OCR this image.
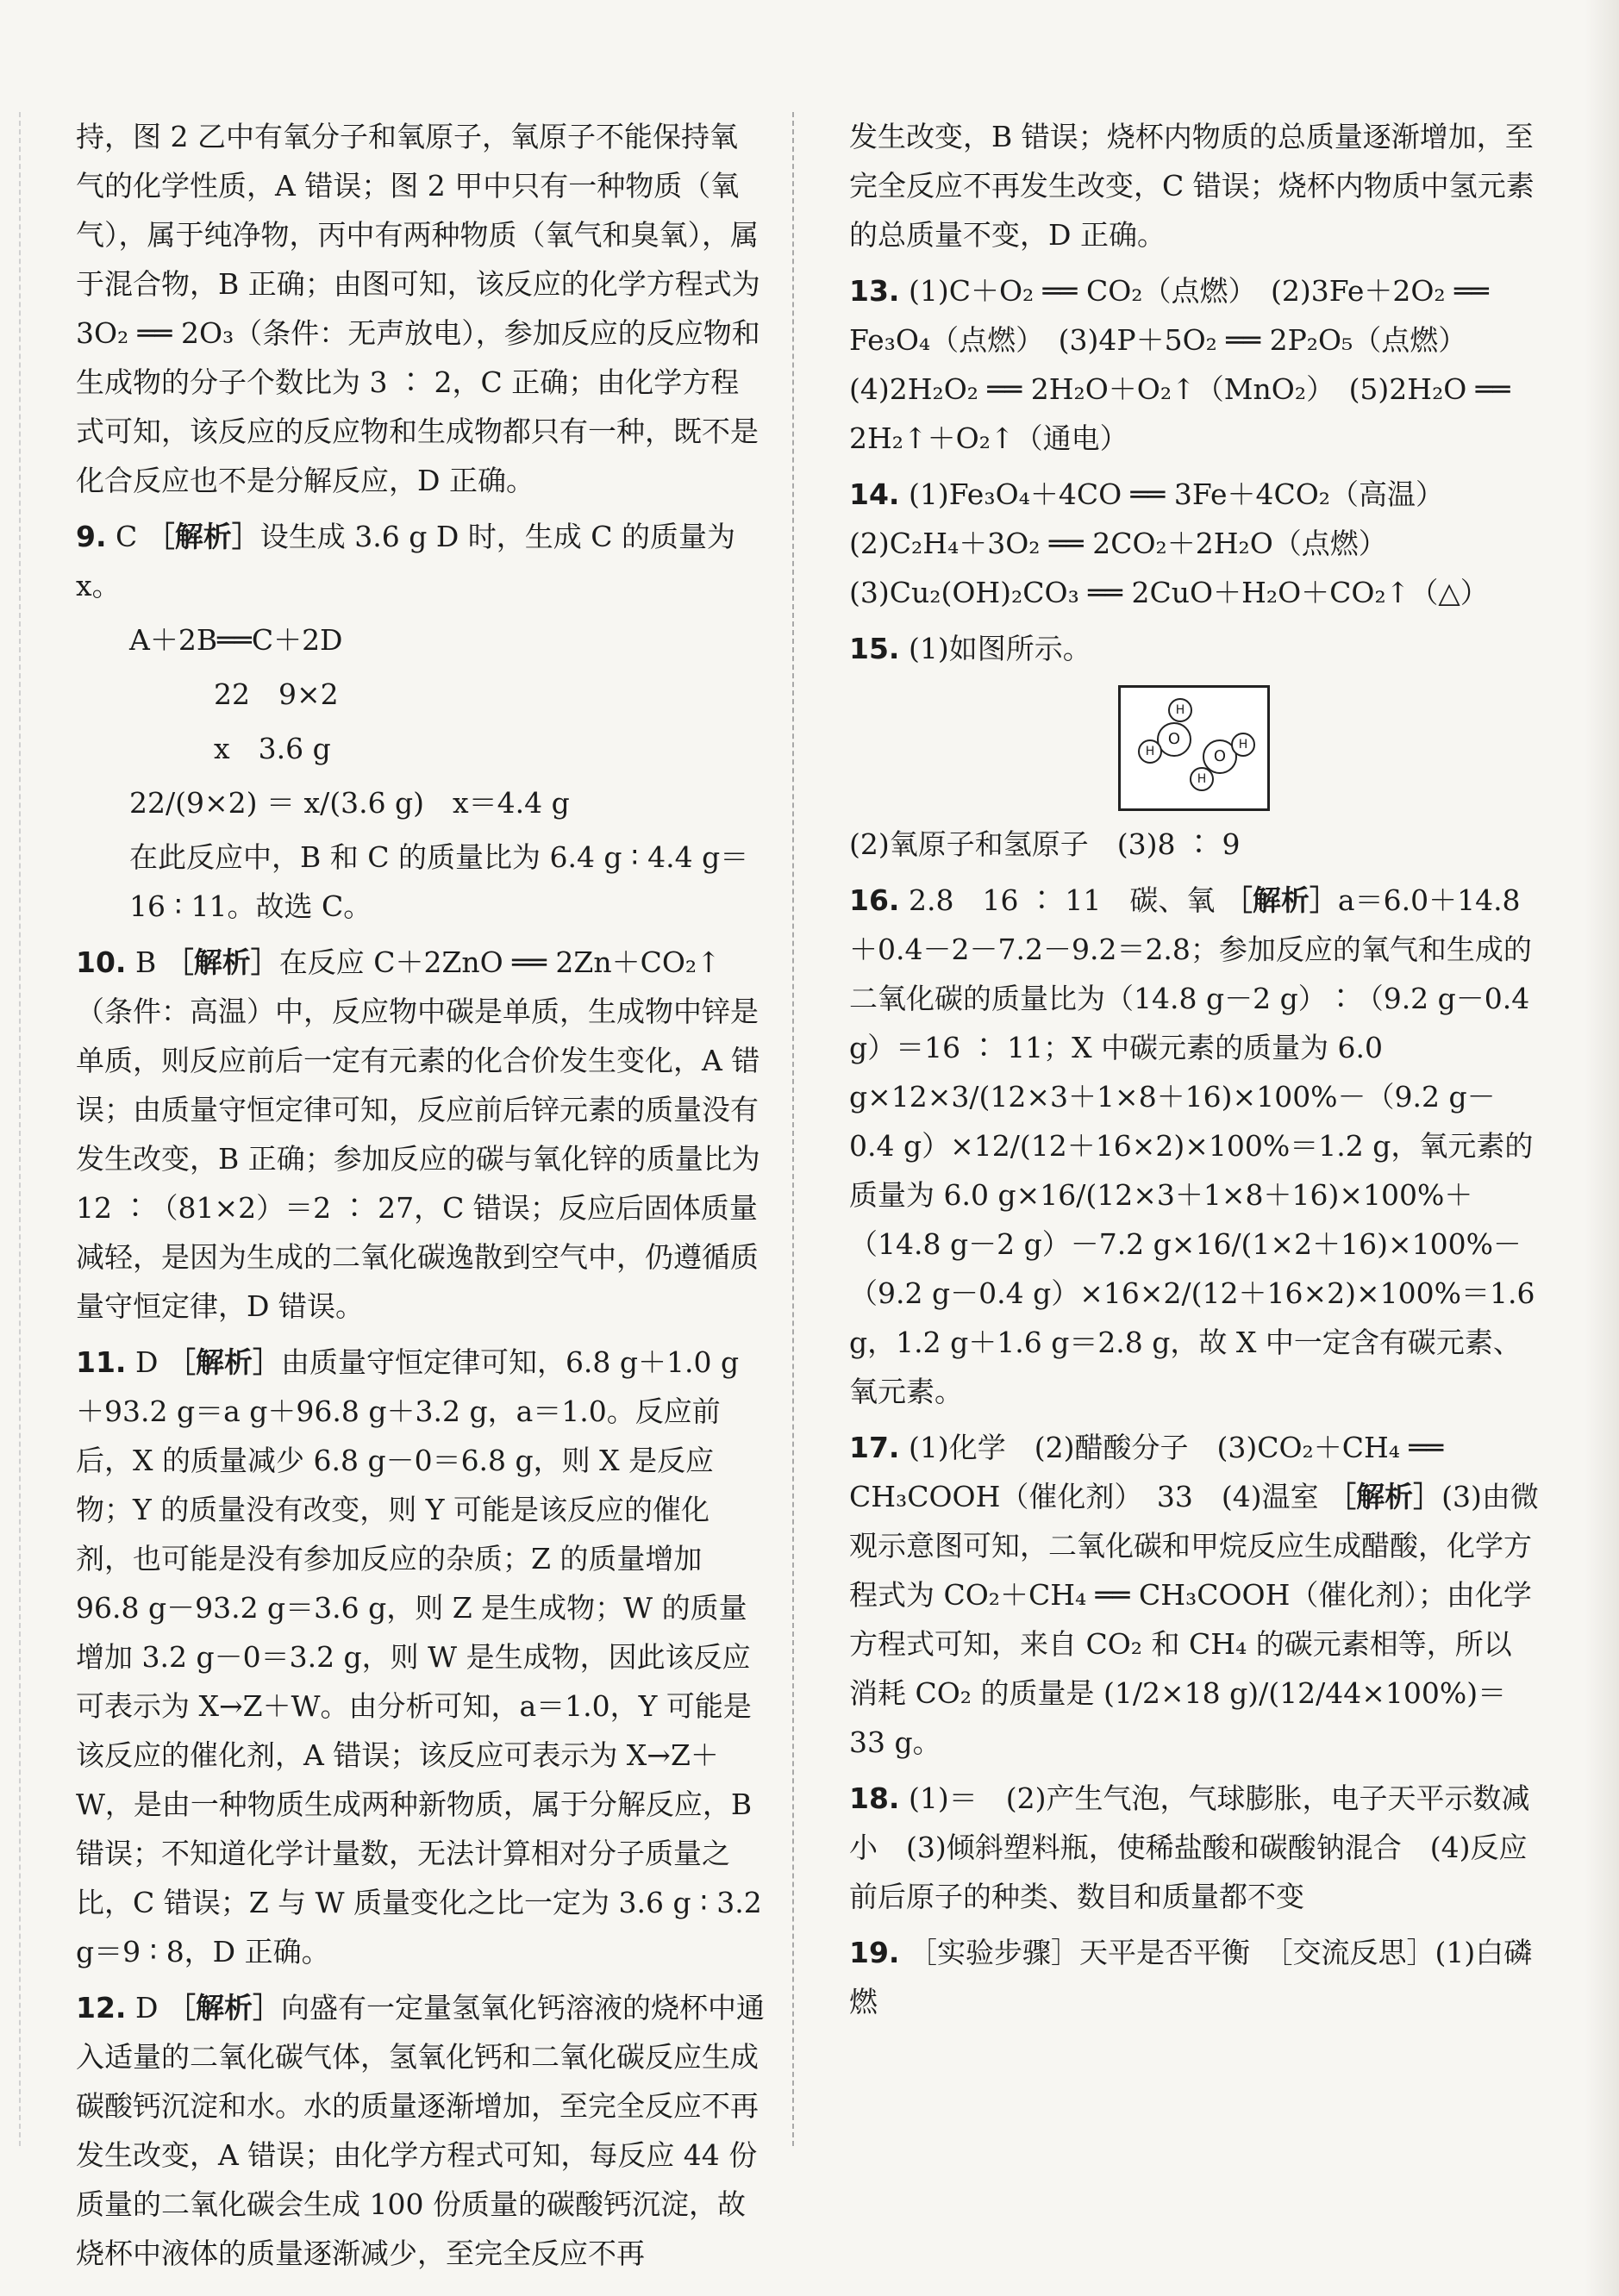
持，图 2 乙中有氧分子和氧原子，氧原子不能保持氧气的化学性质，A 错误；图 2 甲中只有一种物质（氧气），属于纯净物，丙中有两种物质（氧气和臭氧），属于混合物，B 正确；由图可知，该反应的化学方程式为 3O₂ ══ 2O₃（条件：无声放电），参加反应的反应物和生成物的分子个数比为 3 ∶ 2，C 正确；由化学方程式可知，该反应的反应物和生成物都只有一种，既不是化合反应也不是分解反应，D 正确。

9. C ［解析］设生成 3.6 g D 时，生成 C 的质量为 x。

A＋2B══C＋2D

22　9×2

x　3.6 g

22/(9×2) ＝ x/(3.6 g)　x＝4.4 g

在此反应中，B 和 C 的质量比为 6.4 g ∶ 4.4 g＝16 ∶ 11。故选 C。

10. B ［解析］在反应 C＋2ZnO ══ 2Zn＋CO₂↑（条件：高温）中，反应物中碳是单质，生成物中锌是单质，则反应前后一定有元素的化合价发生变化，A 错误；由质量守恒定律可知，反应前后锌元素的质量没有发生改变，B 正确；参加反应的碳与氧化锌的质量比为 12 ∶（81×2）＝2 ∶ 27，C 错误；反应后固体质量减轻，是因为生成的二氧化碳逸散到空气中，仍遵循质量守恒定律，D 错误。

11. D ［解析］由质量守恒定律可知，6.8 g＋1.0 g＋93.2 g＝a g＋96.8 g＋3.2 g，a＝1.0。反应前后，X 的质量减少 6.8 g－0＝6.8 g，则 X 是反应物；Y 的质量没有改变，则 Y 可能是该反应的催化剂，也可能是没有参加反应的杂质；Z 的质量增加 96.8 g－93.2 g＝3.6 g，则 Z 是生成物；W 的质量增加 3.2 g－0＝3.2 g，则 W 是生成物，因此该反应可表示为 X→Z＋W。由分析可知，a＝1.0，Y 可能是该反应的催化剂，A 错误；该反应可表示为 X→Z＋W，是由一种物质生成两种新物质，属于分解反应，B 错误；不知道化学计量数，无法计算相对分子质量之比，C 错误；Z 与 W 质量变化之比一定为 3.6 g ∶ 3.2 g＝9 ∶ 8，D 正确。

12. D ［解析］向盛有一定量氢氧化钙溶液的烧杯中通入适量的二氧化碳气体，氢氧化钙和二氧化碳反应生成碳酸钙沉淀和水。水的质量逐渐增加，至完全反应不再发生改变，A 错误；由化学方程式可知，每反应 44 份质量的二氧化碳会生成 100 份质量的碳酸钙沉淀，故烧杯中液体的质量逐渐减少，至完全反应不再

发生改变，B 错误；烧杯内物质的总质量逐渐增加，至完全反应不再发生改变，C 错误；烧杯内物质中氢元素的总质量不变，D 正确。

13. (1)C＋O₂ ══ CO₂（点燃）　(2)3Fe＋2O₂ ══ Fe₃O₄（点燃）　(3)4P＋5O₂ ══ 2P₂O₅（点燃）　(4)2H₂O₂ ══ 2H₂O＋O₂↑（MnO₂）　(5)2H₂O ══ 2H₂↑＋O₂↑（通电）

14. (1)Fe₃O₄＋4CO ══ 3Fe＋4CO₂（高温）　(2)C₂H₄＋3O₂ ══ 2CO₂＋2H₂O（点燃）　(3)Cu₂(OH)₂CO₃ ══ 2CuO＋H₂O＋CO₂↑（△）

15. (1)如图所示。

O
H
H	O
H
H

(2)氧原子和氢原子　(3)8 ∶ 9

16. 2.8　16 ∶ 11　碳、氧 ［解析］a＝6.0＋14.8＋0.4－2－7.2－9.2＝2.8；参加反应的氧气和生成的二氧化碳的质量比为（14.8 g－2 g）∶（9.2 g－0.4 g）＝16 ∶ 11；X 中碳元素的质量为 6.0 g×12×3/(12×3＋1×8＋16)×100%－（9.2 g－0.4 g）×12/(12＋16×2)×100%＝1.2 g，氧元素的质量为 6.0 g×16/(12×3＋1×8＋16)×100%＋（14.8 g－2 g）－7.2 g×16/(1×2＋16)×100%－（9.2 g－0.4 g）×16×2/(12＋16×2)×100%＝1.6 g，1.2 g＋1.6 g＝2.8 g，故 X 中一定含有碳元素、氧元素。

17. (1)化学　(2)醋酸分子　(3)CO₂＋CH₄ ══ CH₃COOH（催化剂）　33　(4)温室 ［解析］(3)由微观示意图可知，二氧化碳和甲烷反应生成醋酸，化学方程式为 CO₂＋CH₄ ══ CH₃COOH（催化剂）；由化学方程式可知，来自 CO₂ 和 CH₄ 的碳元素相等，所以消耗 CO₂ 的质量是 (1/2×18 g)/(12/44×100%)＝33 g。

18. (1)＝　(2)产生气泡，气球膨胀，电子天平示数减小　(3)倾斜塑料瓶，使稀盐酸和碳酸钠混合　(4)反应前后原子的种类、数目和质量都不变

19. ［实验步骤］天平是否平衡　［交流反思］(1)白磷燃
